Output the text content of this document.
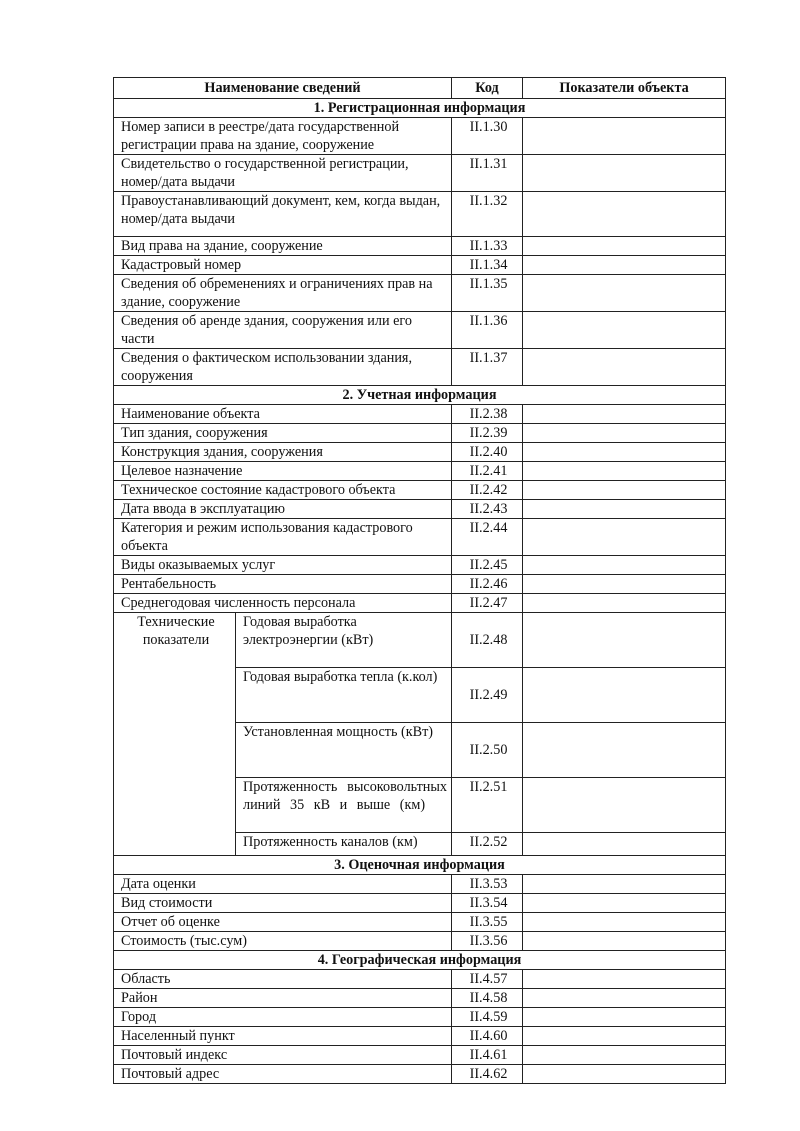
Наименование сведений		Код	Показатели объекта
1. Регистрационная информация			
Номер записи в реестре/дата государственной регистрации права на здание, сооружение		II.1.30	
Свидетельство о государственной регистрации, номер/дата выдачи		II.1.31	
Правоустанавливающий документ, кем, когда выдан, номер/дата выдачи		II.1.32	
Вид права на здание, сооружение		II.1.33	
Кадастровый номер		II.1.34	
Сведения об обременениях и ограничениях прав на здание, сооружение		II.1.35	
Сведения об аренде здания, сооружения или его части		II.1.36	
Сведения о фактическом использовании здания, сооружения		II.1.37	
2. Учетная информация			
Наименование объекта		II.2.38	
Тип здания, сооружения		II.2.39	
Конструкция здания, сооружения		II.2.40	
Целевое назначение		II.2.41	
Техническое состояние кадастрового объекта		II.2.42	
Дата ввода в эксплуатацию		II.2.43	
Категория и режим использования кадастрового объекта		II.2.44	
Виды оказываемых услуг		II.2.45	
Рентабельность		II.2.46	
Среднегодовая численность персонала		II.2.47	
Технические показатели	Годовая выработка электроэнергии (кВт)	II.2.48	
	Годовая выработка тепла (к.кол)	II.2.49	
	Установленная мощность (кВт)	II.2.50	
	Протяженность высоковольтных линий 35 кВ и выше (км)	II.2.51	
	Протяженность каналов (км)	II.2.52	
3. Оценочная информация			
Дата оценки		II.3.53	
Вид стоимости		II.3.54	
Отчет об оценке		II.3.55	
Стоимость (тыс.сум)		II.3.56	
4. Географическая информация			
Область		II.4.57	
Район		II.4.58	
Город		II.4.59	
Населенный пункт		II.4.60	
Почтовый индекс		II.4.61	
Почтовый адрес		II.4.62	
